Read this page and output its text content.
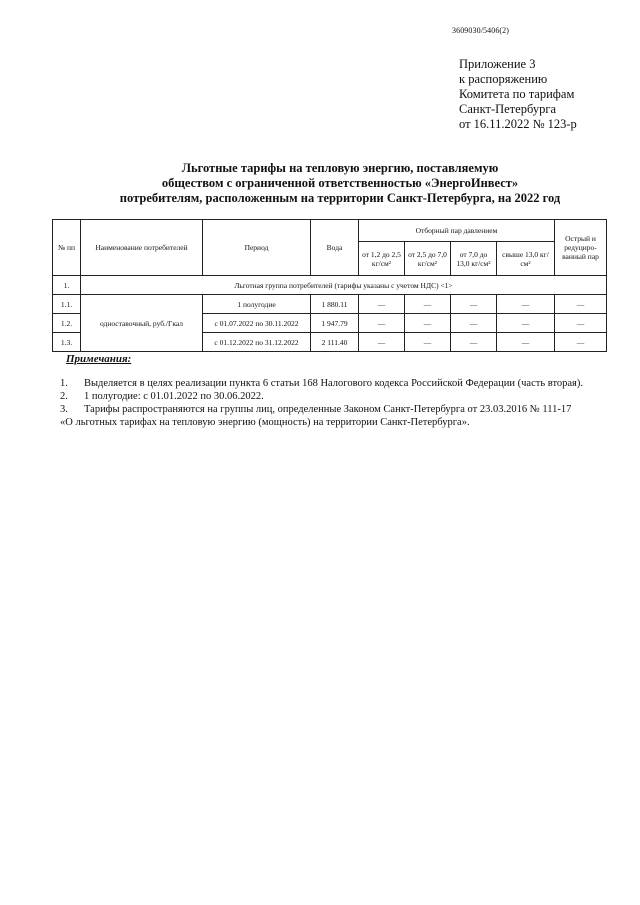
3609030/5406(2)
Приложение 3
к распоряжению
Комитета по тарифам
Санкт-Петербурга
от 16.11.2022 № 123-р
Льготные тарифы на тепловую энергию, поставляемую
обществом с ограниченной ответственностью «ЭнергоИнвест»
потребителям, расположенным на территории Санкт-Петербурга, на 2022 год
№ пп	Наименование потребителей	Период	Вода	Отборный пар давлением				Острый и редуциро-ванный пар
				от 1,2 до 2,5 кг/см²	от 2,5 до 7,0 кг/см²	от 7,0 до 13,0 кг/см²	свыше 13,0 кг/см²	
1.	Льготная группа потребителей (тарифы указаны с учетом НДС) <1>							
1.1.	одноставочный, руб./Гкал	1 полугодие	1 880.11	—	—	—	—	—
1.2.		с 01.07.2022 по 30.11.2022	1 947.79	—	—	—	—	—
1.3.		с 01.12.2022 по 31.12.2022	2 111.40	—	—	—	—	—
Примечания:
1.	Выделяется в целях реализации пункта 6 статьи 168 Налогового кодекса Российской Федерации (часть вторая).
2.	1 полугодие: с 01.01.2022 по 30.06.2022.
3.	Тарифы распространяются на группы лиц, определенные Законом Санкт-Петербурга от 23.03.2016 № 111-17
«О льготных тарифах на тепловую энергию (мощность) на территории Санкт-Петербурга».
